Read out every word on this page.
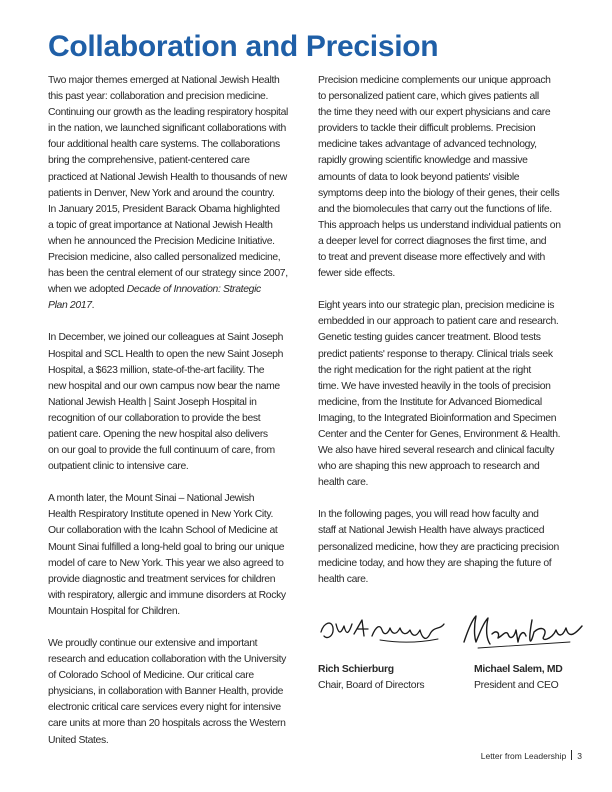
Collaboration and Precision

Two major themes emerged at National Jewish Health
this past year: collaboration and precision medicine.
Continuing our growth as the leading respiratory hospital
in the nation, we launched significant collaborations with
four additional health care systems. The collaborations
bring the comprehensive, patient-centered care
practiced at National Jewish Health to thousands of new
patients in Denver, New York and around the country.
In January 2015, President Barack Obama highlighted
a topic of great importance at National Jewish Health
when he announced the Precision Medicine Initiative.
Precision medicine, also called personalized medicine,
has been the central element of our strategy since 2007,
when we adopted Decade of Innovation: Strategic
Plan 2017.

In December, we joined our colleagues at Saint Joseph
Hospital and SCL Health to open the new Saint Joseph
Hospital, a $623 million, state-of-the-art facility. The
new hospital and our own campus now bear the name
National Jewish Health | Saint Joseph Hospital in
recognition of our collaboration to provide the best
patient care. Opening the new hospital also delivers
on our goal to provide the full continuum of care, from
outpatient clinic to intensive care.

A month later, the Mount Sinai – National Jewish
Health Respiratory Institute opened in New York City.
Our collaboration with the Icahn School of Medicine at
Mount Sinai fulfilled a long-held goal to bring our unique
model of care to New York. This year we also agreed to
provide diagnostic and treatment services for children
with respiratory, allergic and immune disorders at Rocky
Mountain Hospital for Children.

We proudly continue our extensive and important
research and education collaboration with the University
of Colorado School of Medicine. Our critical care
physicians, in collaboration with Banner Health, provide
electronic critical care services every night for intensive
care units at more than 20 hospitals across the Western
United States.

Precision medicine complements our unique approach
to personalized patient care, which gives patients all
the time they need with our expert physicians and care
providers to tackle their difficult problems. Precision
medicine takes advantage of advanced technology,
rapidly growing scientific knowledge and massive
amounts of data to look beyond patients' visible
symptoms deep into the biology of their genes, their cells
and the biomolecules that carry out the functions of life.
This approach helps us understand individual patients on
a deeper level for correct diagnoses the first time, and
to treat and prevent disease more effectively and with
fewer side effects.

Eight years into our strategic plan, precision medicine is
embedded in our approach to patient care and research.
Genetic testing guides cancer treatment. Blood tests
predict patients' response to therapy. Clinical trials seek
the right medication for the right patient at the right
time. We have invested heavily in the tools of precision
medicine, from the Institute for Advanced Biomedical
Imaging, to the Integrated Bioinformation and Specimen
Center and the Center for Genes, Environment & Health.
We also have hired several research and clinical faculty
who are shaping this new approach to research and
health care.

In the following pages, you will read how faculty and
staff at National Jewish Health have always practiced
personalized medicine, how they are practicing precision
medicine today, and how they are shaping the future of
health care.

Rich Schierburg
Chair, Board of Directors
Michael Salem, MD
President and CEO
Letter from Leadership 3
